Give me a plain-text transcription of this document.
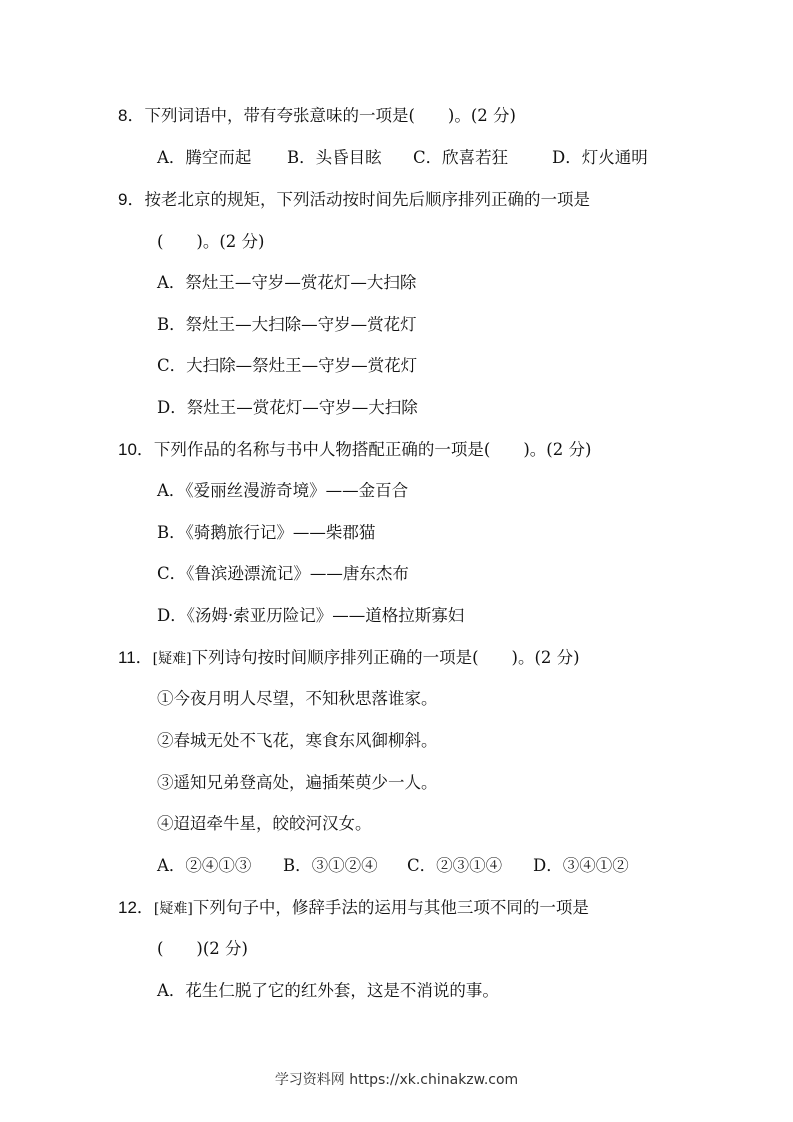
8．下列词语中，带有夸张意味的一项是(　　)。(2 分)
A．腾空而起 B．头昏目眩 C．欣喜若狂	D．灯火通明
9．按老北京的规矩，下列活动按时间先后顺序排列正确的一项是
(　　)。(2 分)
A．祭灶王—守岁—赏花灯—大扫除
B．祭灶王—大扫除—守岁—赏花灯
C．大扫除—祭灶王—守岁—赏花灯
D．祭灶王—赏花灯—守岁—大扫除
10．下列作品的名称与书中人物搭配正确的一项是(　　)。(2 分)
A．《爱丽丝漫游奇境》——金百合
B．《骑鹅旅行记》——柴郡猫
C．《鲁滨逊漂流记》——唐东杰布
D．《汤姆·索亚历险记》——道格拉斯寡妇
11．[疑难]下列诗句按时间顺序排列正确的一项是(　　)。(2 分)
①今夜月明人尽望，不知秋思落谁家。
②春城无处不飞花，寒食东风御柳斜。
③遥知兄弟登高处，遍插茱萸少一人。
④迢迢牵牛星，皎皎河汉女。
A．②④①③ B．③①②④ C．②③①④ D．③④①②
12．[疑难]下列句子中，修辞手法的运用与其他三项不同的一项是
(　　)(2 分)
A．花生仁脱了它的红外套，这是不消说的事。
学习资料网 https://xk.chinakzw.com
